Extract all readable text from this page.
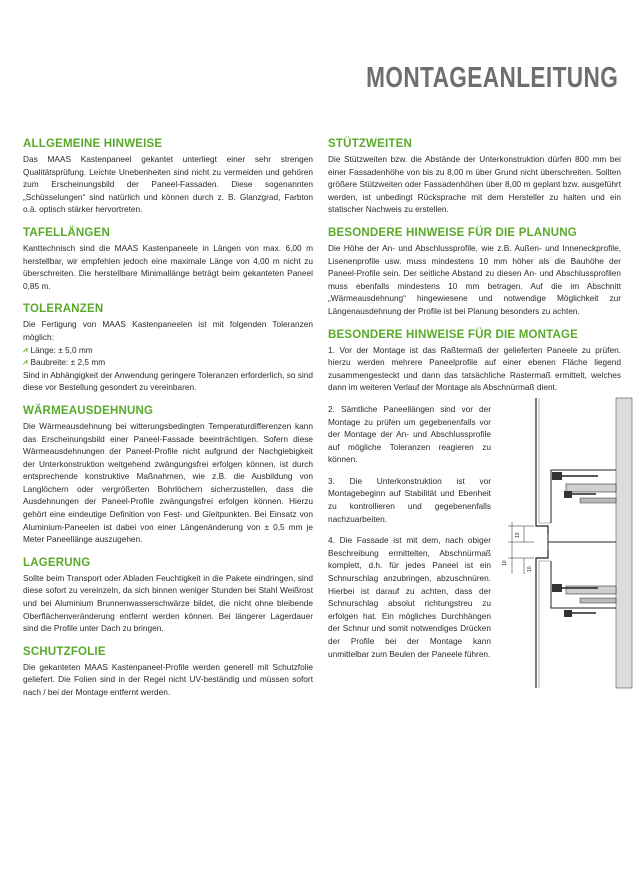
MONTAGEANLEITUNG
ALLGEMEINE HINWEISE

Das MAAS Kastenpaneel gekantet unterliegt einer sehr strengen Qualitätsprüfung. Leichte Unebenheiten sind nicht zu vermeiden und gehören zum Erscheinungsbild der Paneel-Fassaden. Diese sogenannten „Schüsselungen“ sind natürlich und können durch z. B. Glanzgrad, Farbton o.ä. optisch stärker hervortreten.

TAFELLÄNGEN

Kanttechnisch sind die MAAS Kastenpaneele in Längen von max. 6,00 m herstellbar, wir empfehlen jedoch eine maximale Länge von 4,00 m nicht zu überschreiten. Die herstellbare Minimallänge beträgt beim gekanteten Paneel 0,85 m.

TOLERANZEN

Die Fertigung von MAAS Kastenpaneelen ist mit folgenden Toleranzen möglich:

⩘ Länge: ± 5,0 mm
⩘ Baubreite: ± 2,5 mm

Sind in Abhängigkeit der Anwendung geringere Toleranzen erforderlich, so sind diese vor Bestellung gesondert zu vereinbaren.

WÄRMEAUSDEHNUNG

Die Wärmeausdehnung bei witterungsbedingten Temperaturdifferenzen kann das Erscheinungsbild einer Paneel-Fassade beeinträchtigen. Sofern diese Wärmeausdehnungen der Paneel-Profile nicht aufgrund der Nachgiebigkeit der Unterkonstruktion weitgehend zwängungsfrei erfolgen können, ist durch entsprechende konstruktive Maßnahmen, wie z.B. die Ausbildung von Langlöchern oder vergrößerten Bohrlöchern sicherzustellen, dass die Ausdehnungen der Paneel-Profile zwängungsfrei erfolgen können. Hierzu gehört eine eindeutige Definition von Fest- und Gleitpunkten. Bei Einsatz von Aluminium-Paneelen ist dabei von einer Längenänderung von ± 0,5 mm je Meter Paneellänge auszugehen.

LAGERUNG

Sollte beim Transport oder Abladen Feuchtigkeit in die Pakete eindringen, sind diese sofort zu vereinzeln, da sich binnen weniger Stunden bei Stahl Weißrost und bei Aluminium Brunnenwasserschwärze bildet, die nicht ohne bleibende Oberflächenveränderung entfernt werden können. Bei längerer Lagerdauer sind die Profile unter Dach zu bringen.

SCHUTZFOLIE

Die gekanteten MAAS Kastenpaneel-Profile werden generell mit Schutzfolie geliefert. Die Folien sind in der Regel nicht UV-beständig und müssen sofort nach / bei der Montage entfernt werden.

STÜTZWEITEN

Die Stützweiten bzw. die Abstände der Unterkonstruktion dürfen 800 mm bei einer Fassadenhöhe von bis zu 8,00 m über Grund nicht überschreiten. Sollten größere Stützweiten oder Fassadenhöhen über 8,00 m geplant bzw. ausgeführt werden, ist unbedingt Rücksprache mit dem Hersteller zu halten und ein statischer Nachweis zu erstellen.

BESONDERE HINWEISE FÜR DIE PLANUNG

Die Höhe der An- und Abschlussprofile, wie z.B. Außen- und Inneneckprofile, Lisenenprofile usw. muss mindestens 10 mm höher als die Bauhöhe der Paneel-Profile sein. Der seitliche Abstand zu diesen An- und Abschlussprofilen muss ebenfalls mindestens 10 mm betragen. Auf die im Abschnitt „Wärmeausdehnung“ hingewiesene und notwendige Möglichkeit zur Längenausdehnung der Profile ist bei Planung besonders zu achten.

BESONDERE HINWEISE FÜR DIE MONTAGE

1. Vor der Montage ist das Raßtermaß der gelieferten Paneele zu prüfen. hierzu werden mehrere Paneelprofile auf einer ebenen Fläche liegend zusammengesteckt und dann das tatsächliche Rastermaß ermittelt, welches dann im weiteren Verlauf der Montage als Abschnürmaß dient.

2. Sämtliche Paneellängen sind vor der Montage zu prüfen um gegebenenfalls vor der Montage der An- und Abschlussprofile auf mögliche Toleranzen reagieren zu können.

3. Die Unterkonstruktion ist vor Montagebeginn auf Stabilität und Ebenheit zu kontrollieren und gegebenenfalls nachzuarbeiten.

4. Die Fassade ist mit dem, nach obiger Beschreibung ermittelten, Abschnürmaß komplett, d.h. für jedes Paneel ist ein Schnurschlag anzubringen, abzuschnüren. Hierbei ist darauf zu achten, dass der Schnurschlag absolut richtungstreu zu erfolgen hat. Ein mögliches Durchhängen der Schnur und somit notwendiges Drücken der Profile bei der Montage kann unmittelbar zum Beulen der Paneele führen.

10
10
10
